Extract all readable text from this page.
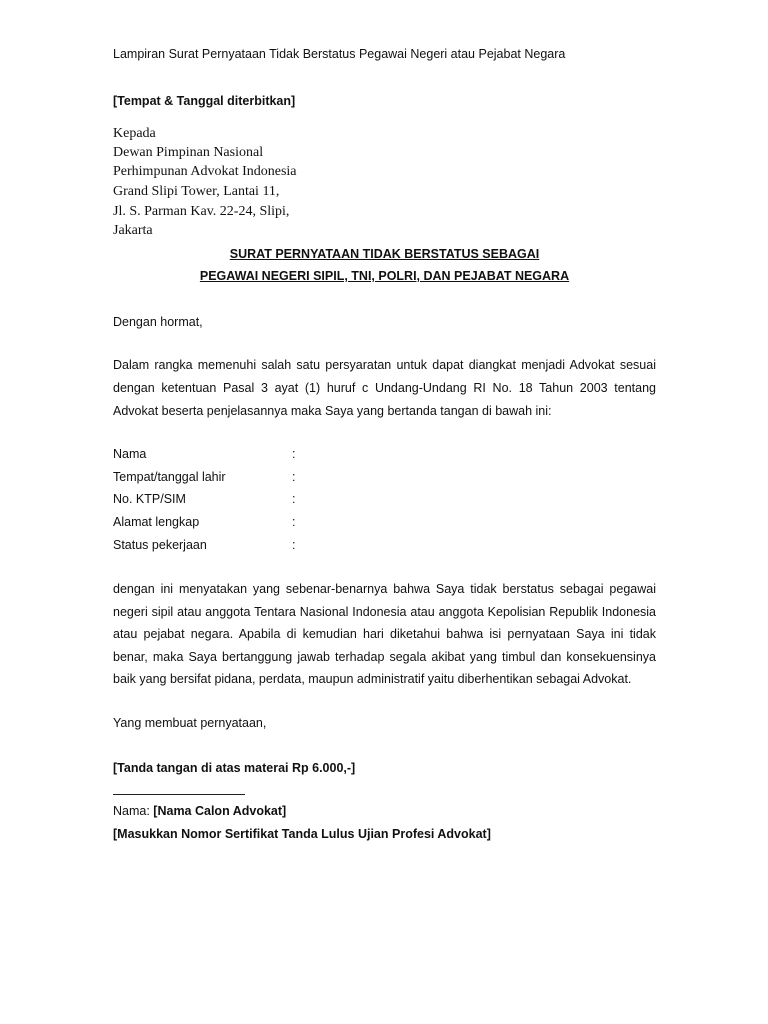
Lampiran Surat Pernyataan Tidak Berstatus Pegawai Negeri atau Pejabat Negara
[Tempat & Tanggal diterbitkan]
Kepada
Dewan Pimpinan Nasional
Perhimpunan Advokat Indonesia
Grand Slipi Tower, Lantai 11,
Jl. S. Parman Kav. 22-24, Slipi,
Jakarta
SURAT PERNYATAAN TIDAK BERSTATUS SEBAGAI
PEGAWAI NEGERI SIPIL, TNI, POLRI, DAN PEJABAT NEGARA
Dengan hormat,
Dalam rangka memenuhi salah satu persyaratan untuk dapat diangkat menjadi Advokat sesuai
dengan ketentuan Pasal 3 ayat (1) huruf c Undang-Undang RI No. 18 Tahun 2003 tentang
Advokat beserta penjelasannya maka Saya yang bertanda tangan di bawah ini:
Nama	:
Tempat/tanggal lahir	:
No. KTP/SIM	:
Alamat lengkap	:
Status pekerjaan	:
dengan ini menyatakan yang sebenar-benarnya bahwa Saya tidak berstatus sebagai pegawai
negeri sipil atau anggota Tentara Nasional Indonesia atau anggota Kepolisian Republik Indonesia
atau pejabat negara. Apabila di kemudian hari diketahui bahwa isi pernyataan Saya ini tidak
benar, maka Saya bertanggung jawab terhadap segala akibat yang timbul dan konsekuensinya
baik yang bersifat pidana, perdata, maupun administratif yaitu diberhentikan sebagai Advokat.
Yang membuat pernyataan,
[Tanda tangan di atas materai Rp 6.000,-]
Nama: [Nama Calon Advokat]
[Masukkan Nomor Sertifikat Tanda Lulus Ujian Profesi Advokat]
